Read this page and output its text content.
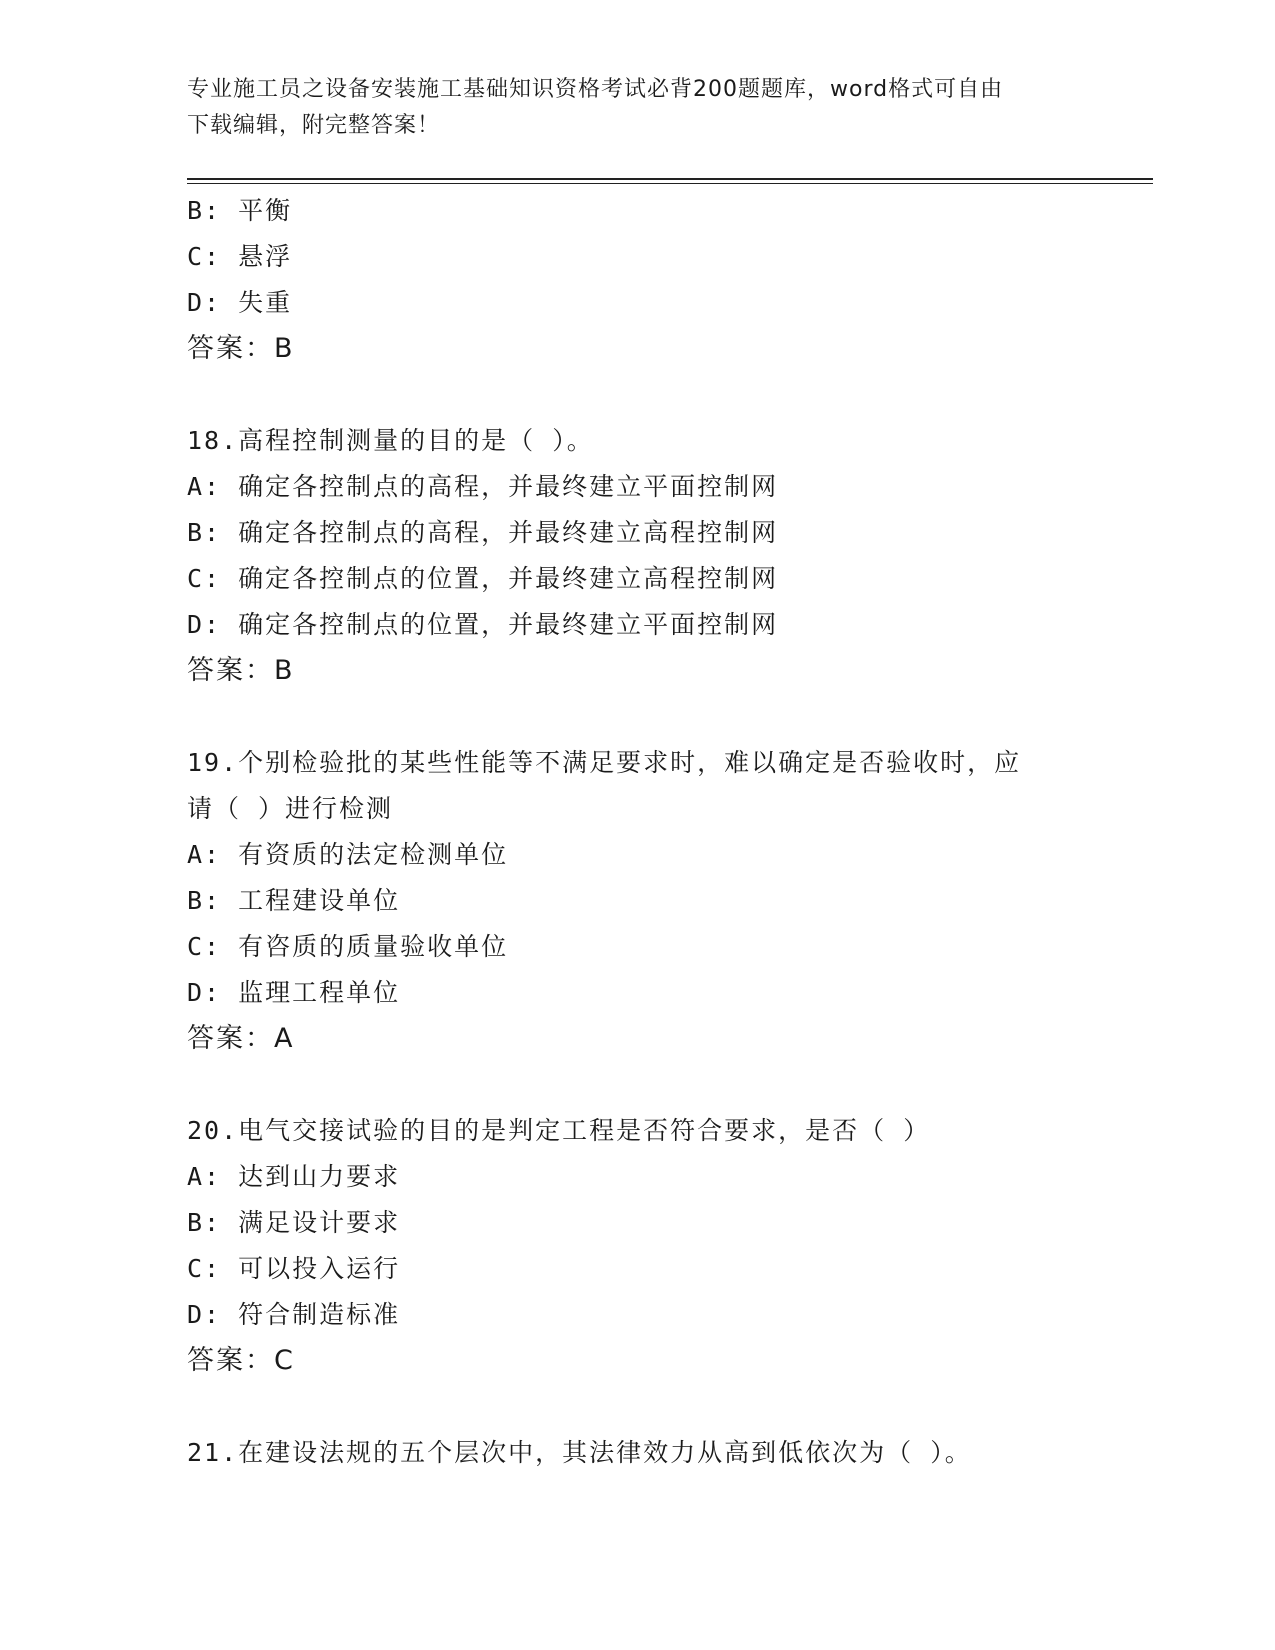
专业施工员之设备安装施工基础知识资格考试必背200题题库，word格式可自由
下载编辑，附完整答案！
B: 平衡
C: 悬浮
D: 失重
答案：B
18.高程控制测量的目的是（ ）。
A: 确定各控制点的高程，并最终建立平面控制网
B: 确定各控制点的高程，并最终建立高程控制网
C: 确定各控制点的位置，并最终建立高程控制网
D: 确定各控制点的位置，并最终建立平面控制网
答案：B
19.个别检验批的某些性能等不满足要求时，难以确定是否验收时，应
请（ ）进行检测
A: 有资质的法定检测单位
B: 工程建设单位
C: 有咨质的质量验收单位
D: 监理工程单位
答案：A
20.电气交接试验的目的是判定工程是否符合要求，是否（ ）
A: 达到山力要求
B: 满足设计要求
C: 可以投入运行
D: 符合制造标准
答案：C
21.在建设法规的五个层次中，其法律效力从高到低依次为（ ）。
